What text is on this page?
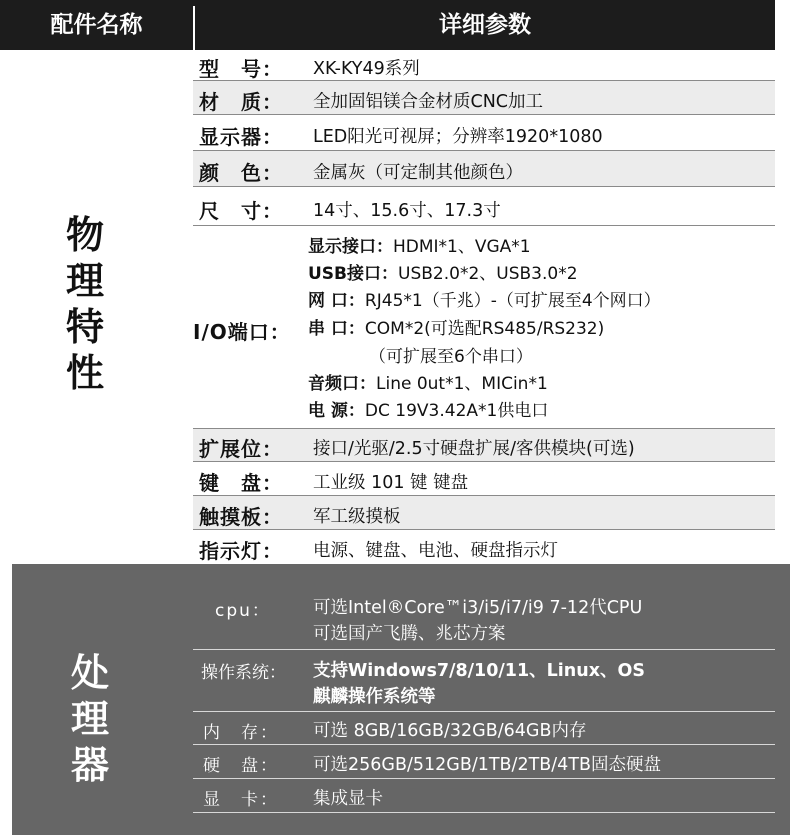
配件名称	详细参数
物
理
特
性
型　号： XK-KY49系列
材　质： 全加固铝镁合金材质CNC加工
显示器： LED阳光可视屏；分辨率1920*1080
颜　色： 金属灰（可定制其他颜色）
尺　寸： 14寸、15.6寸、17.3寸
I/O端口：
显示接口：HDMI*1、VGA*1
USB接口：USB2.0*2、USB3.0*2
网 口：RJ45*1（千兆）-（可扩展至4个网口）
串 口：COM*2(可选配RS485/RS232)
（可扩展至6个串口）
音频口：Line 0ut*1、MICin*1
电 源：DC 19V3.42A*1供电口
扩展位： 接口/光驱/2.5寸硬盘扩展/客供模块(可选)
键　盘： 工业级 101 键 键盘
触摸板： 军工级摸板
指示灯： 电源、键盘、电池、硬盘指示灯
处
理
器
cpu： 可选Intel®Core™i3/i5/i7/i9 7-12代CPU
可选国产飞腾、兆芯方案
操作系统： 支持Windows7/8/10/11、Linux、OS
麒麟操作系统等
内　存： 可选 8GB/16GB/32GB/64GB内存
硬　盘： 可选256GB/512GB/1TB/2TB/4TB固态硬盘
显　卡： 集成显卡
